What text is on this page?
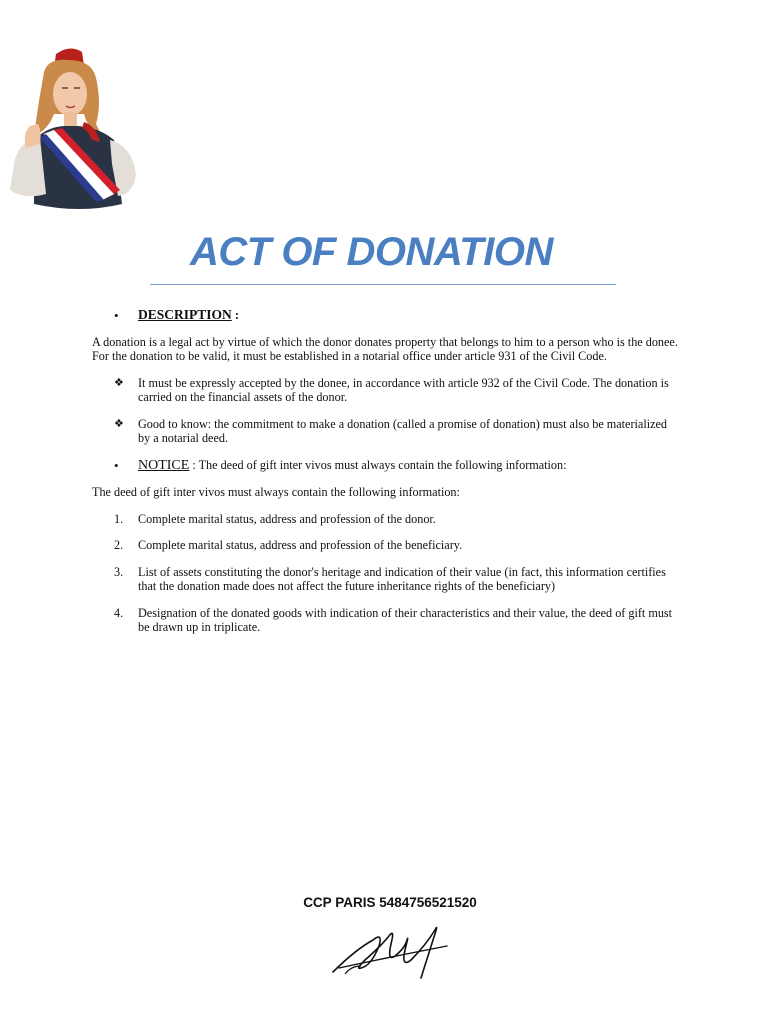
ACT OF DONATION
• DESCRIPTION :

A donation is a legal act by virtue of which the donor donates property that belongs to him to a person who is the donee. For the donation to be valid, it must be established in a notarial office under article 931 of the Civil Code.

❖ It must be expressly accepted by the donee, in accordance with article 932 of the Civil Code. The donation is carried on the financial assets of the donor.
❖ Good to know: the commitment to make a donation (called a promise of donation) must also be materialized by a notarial deed.
• NOTICE : The deed of gift inter vivos must always contain the following information:

The deed of gift inter vivos must always contain the following information:

1. Complete marital status, address and profession of the donor.
2. Complete marital status, address and profession of the beneficiary.
3. List of assets constituting the donor's heritage and indication of their value (in fact, this information certifies that the donation made does not affect the future inheritance rights of the beneficiary)
4. Designation of the donated goods with indication of their characteristics and their value, the deed of gift must be drawn up in triplicate.
CCP PARIS 5484756521520
